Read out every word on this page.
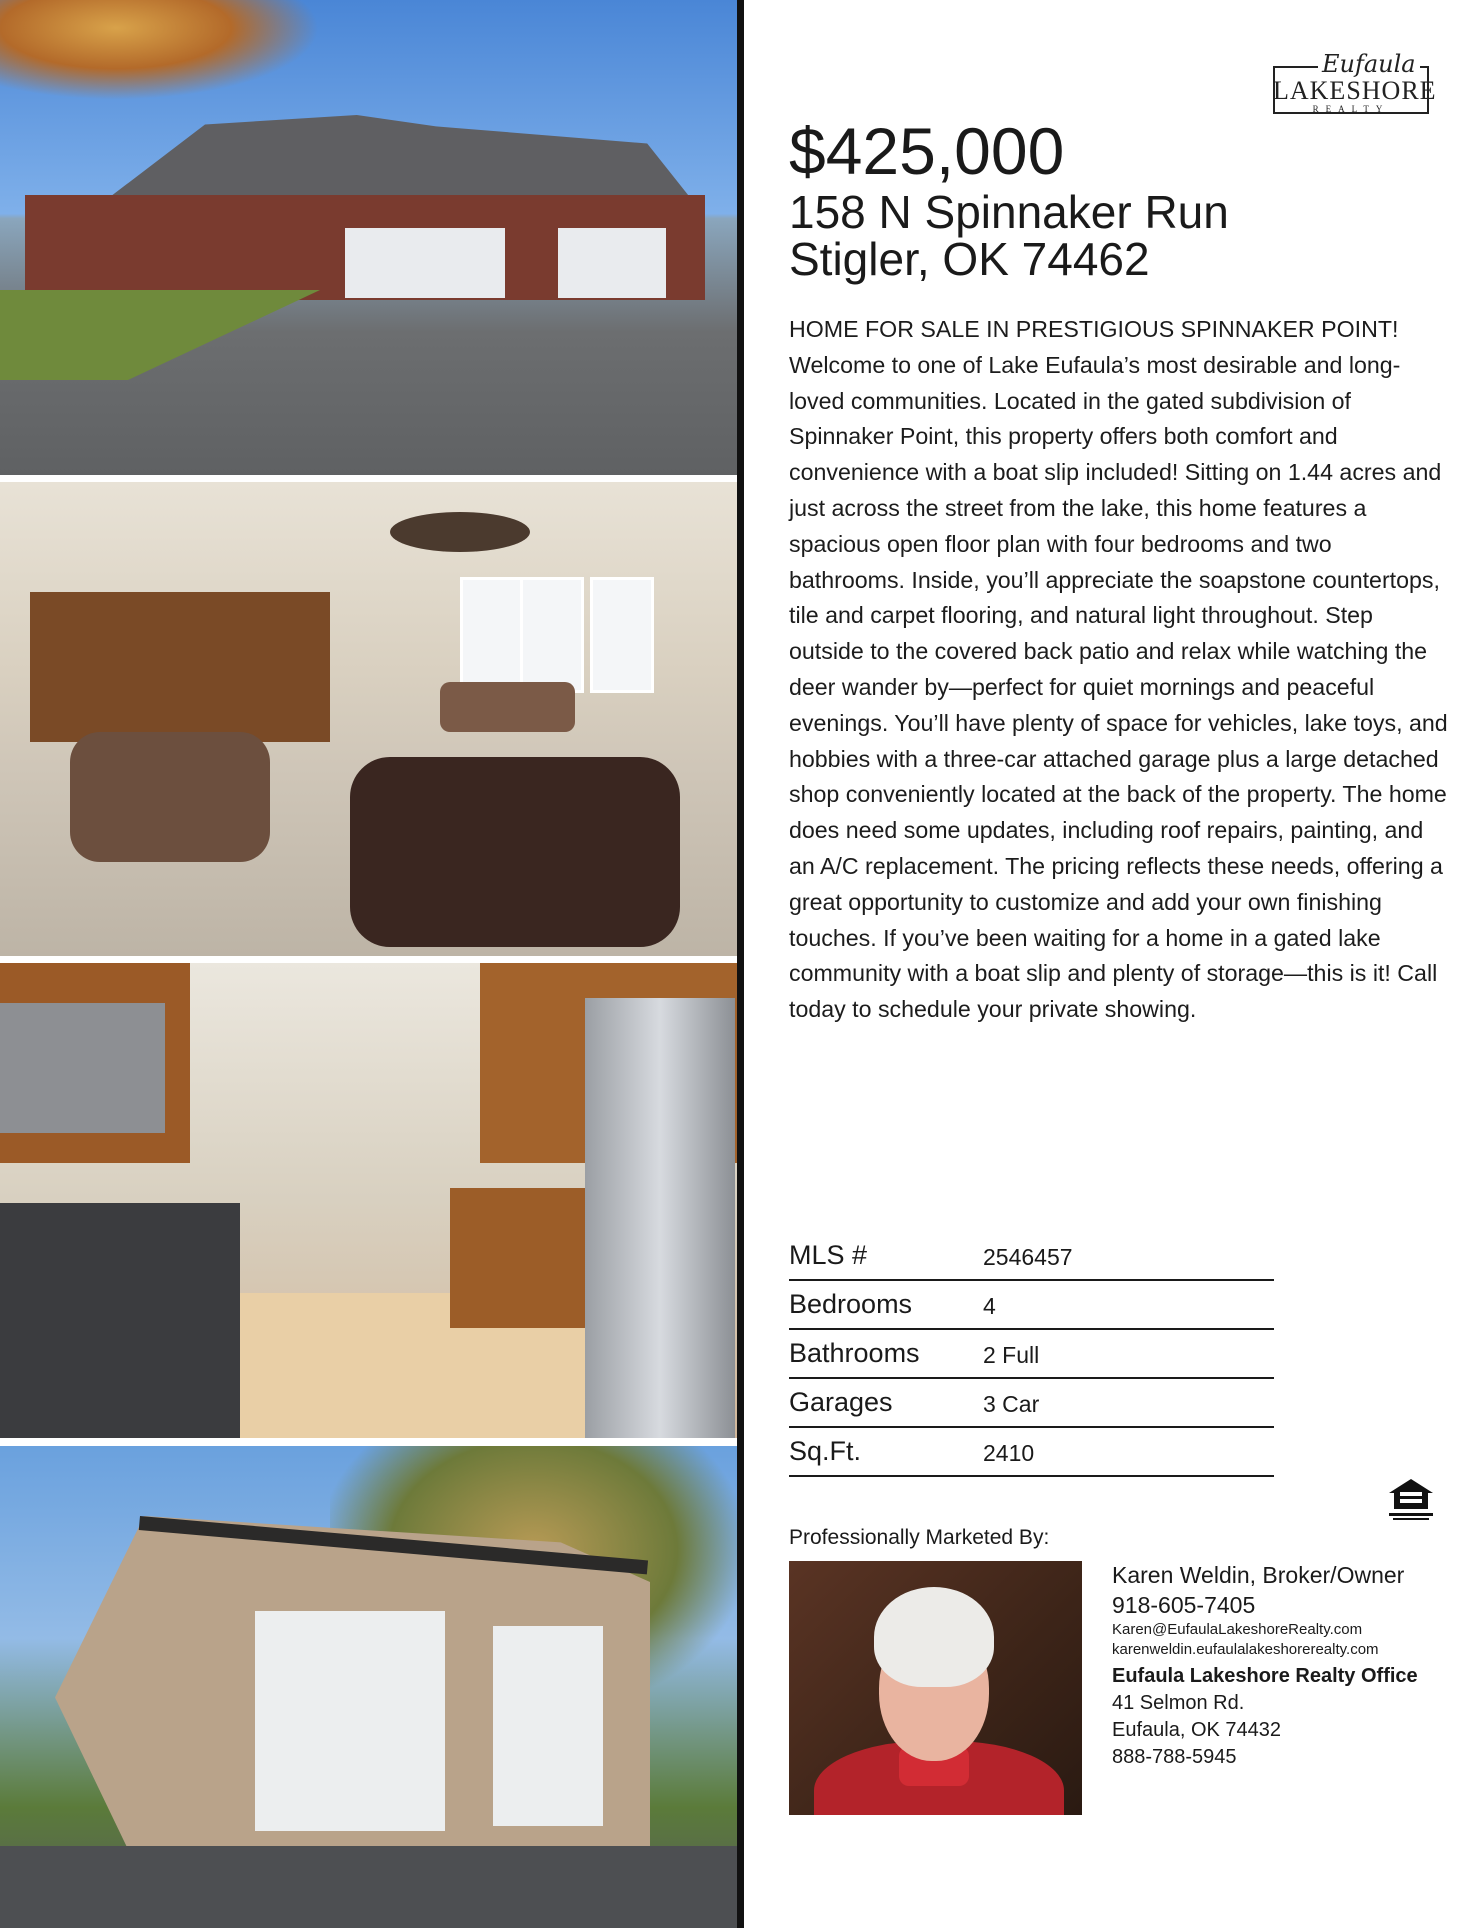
Eufaula
LAKESHORE
REALTY
$425,000
158 N Spinnaker Run
Stigler, OK 74462
HOME FOR SALE IN PRESTIGIOUS SPINNAKER POINT! Welcome to one of Lake Eufaula’s most desirable and long-loved communities. Located in the gated subdivision of Spinnaker Point, this property offers both comfort and convenience with a boat slip included! Sitting on 1.44 acres and just across the street from the lake, this home features a spacious open floor plan with four bedrooms and two bathrooms. Inside, you’ll appreciate the soapstone countertops, tile and carpet flooring, and natural light throughout. Step outside to the covered back patio and relax while watching the deer wander by—perfect for quiet mornings and peaceful evenings. You’ll have plenty of space for vehicles, lake toys, and hobbies with a three-car attached garage plus a large detached shop conveniently located at the back of the property. The home does need some updates, including roof repairs, painting, and an A/C replacement. The pricing reflects these needs, offering a great opportunity to customize and add your own finishing touches. If you’ve been waiting for a home in a gated lake community with a boat slip and plenty of storage—this is it! Call today to schedule your private showing.
MLS #	2546457
Bedrooms	4
Bathrooms	2 Full
Garages	3 Car
Sq.Ft.	2410
Professionally Marketed By:
Karen Weldin, Broker/Owner
918-605-7405
Karen@EufaulaLakeshoreRealty.com
karenweldin.eufaulalakeshorerealty.com
Eufaula Lakeshore Realty Office
41 Selmon Rd.
Eufaula, OK 74432
888-788-5945
